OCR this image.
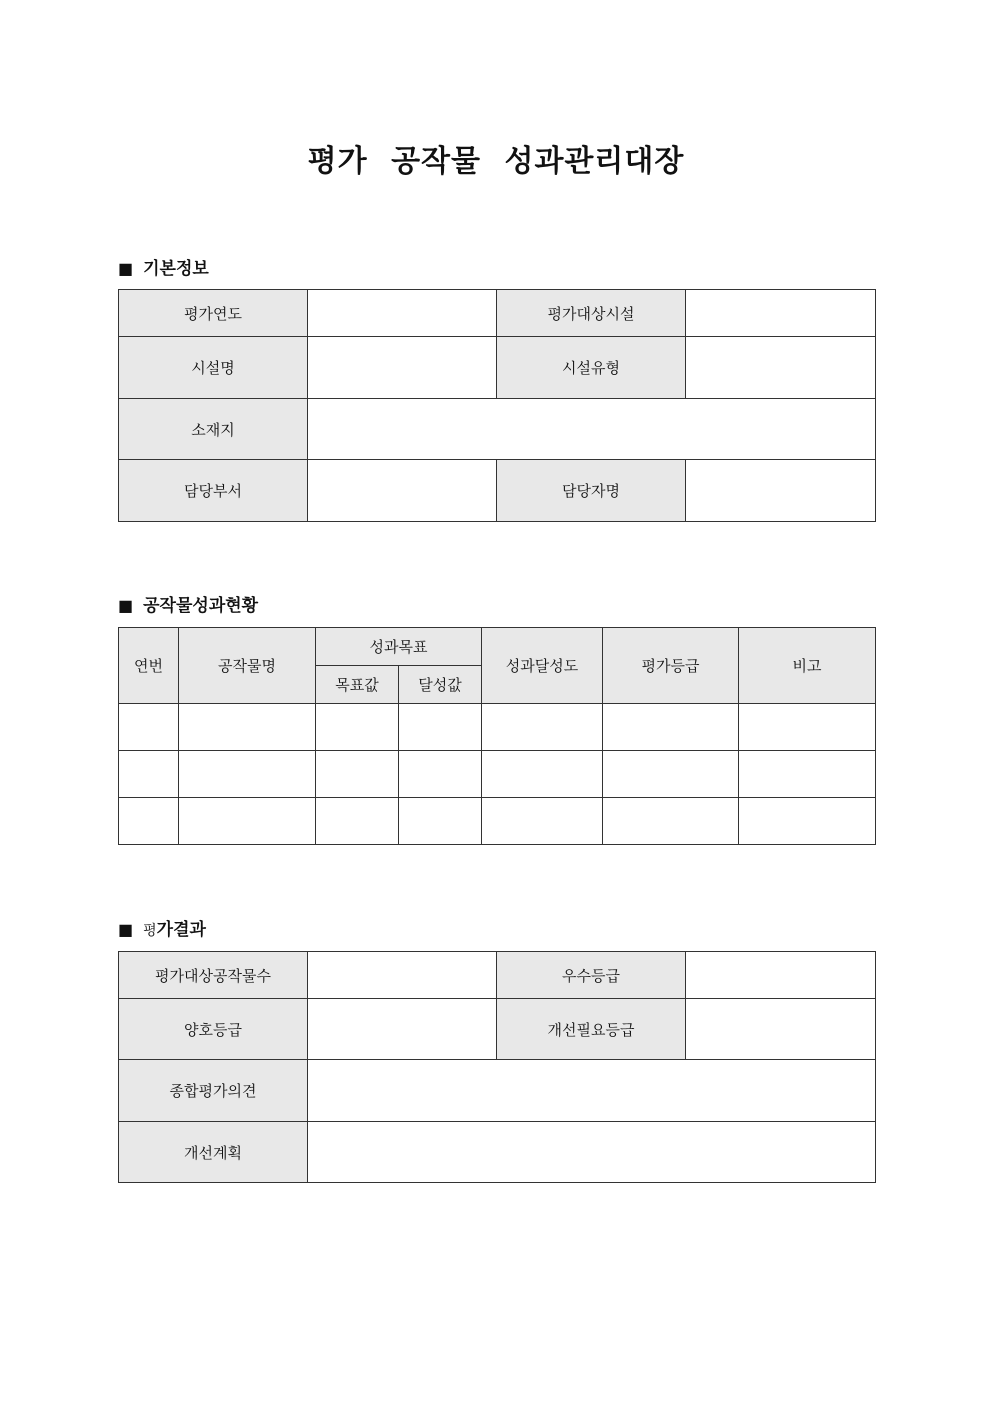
평가 공작물 성과관리대장
■ 기본정보
평가연도		평가대상시설	
시설명		시설유형	
소재지			
담당부서		담당자명	
■ 공작물성과현황
연번	공작물명	성과목표		성과달성도	평가등급	비고
		목표값	달성값			

■ 평가결과
평가대상공작물수		우수등급	
양호등급		개선필요등급	
종합평가의견			
개선계획			
